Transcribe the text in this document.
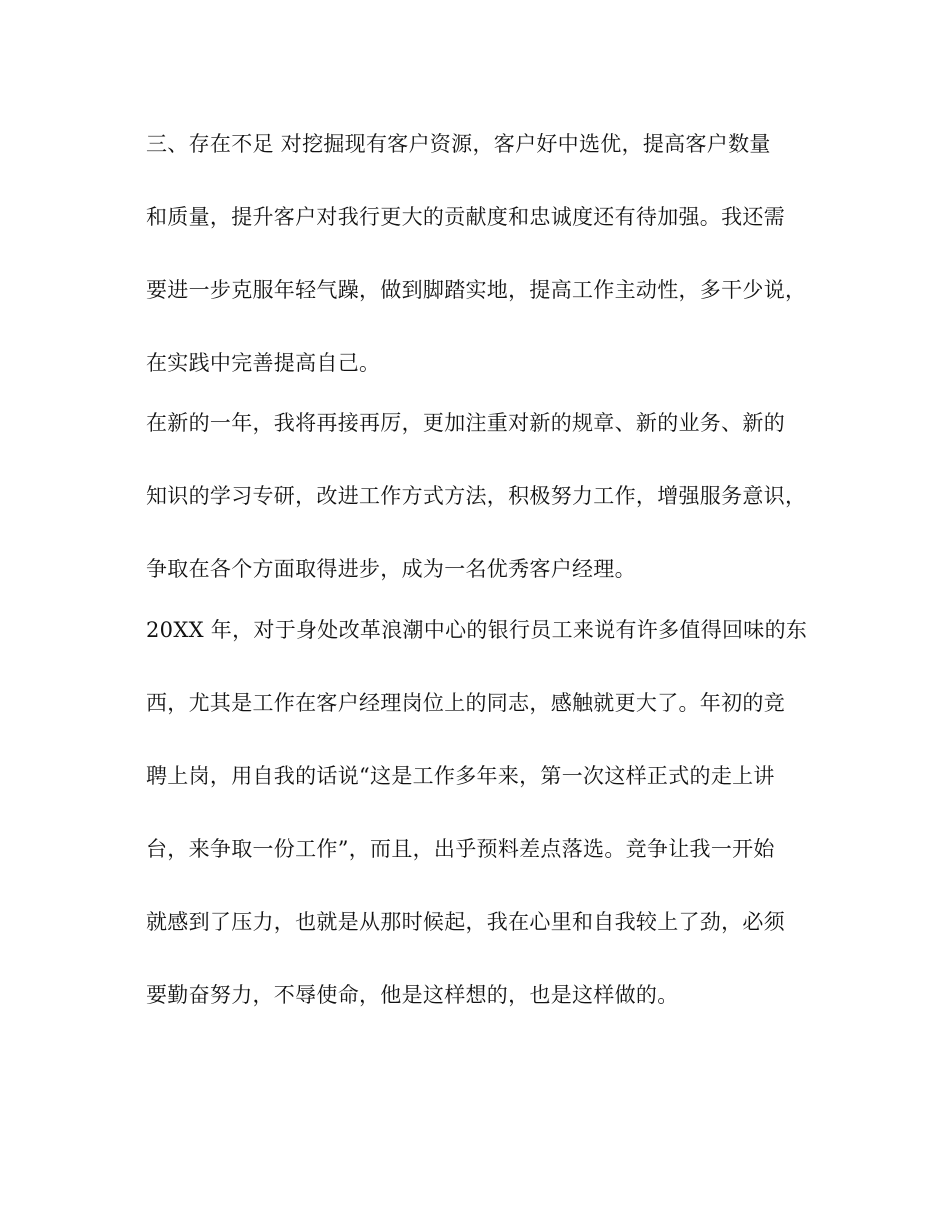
三、存在不足 对挖掘现有客户资源，客户好中选优，提高客户数量

和质量，提升客户对我行更大的贡献度和忠诚度还有待加强。我还需

要进一步克服年轻气躁，做到脚踏实地，提高工作主动性，多干少说，

在实践中完善提高自己。

在新的一年，我将再接再厉，更加注重对新的规章、新的业务、新的

知识的学习专研，改进工作方式方法，积极努力工作，增强服务意识，

争取在各个方面取得进步，成为一名优秀客户经理。

20XX 年，对于身处改革浪潮中心的银行员工来说有许多值得回味的东

西，尤其是工作在客户经理岗位上的同志，感触就更大了。年初的竞

聘上岗，用自我的话说“这是工作多年来，第一次这样正式的走上讲

台，来争取一份工作”，而且，出乎预料差点落选。竞争让我一开始

就感到了压力，也就是从那时候起，我在心里和自我较上了劲，必须

要勤奋努力，不辱使命，他是这样想的，也是这样做的。
